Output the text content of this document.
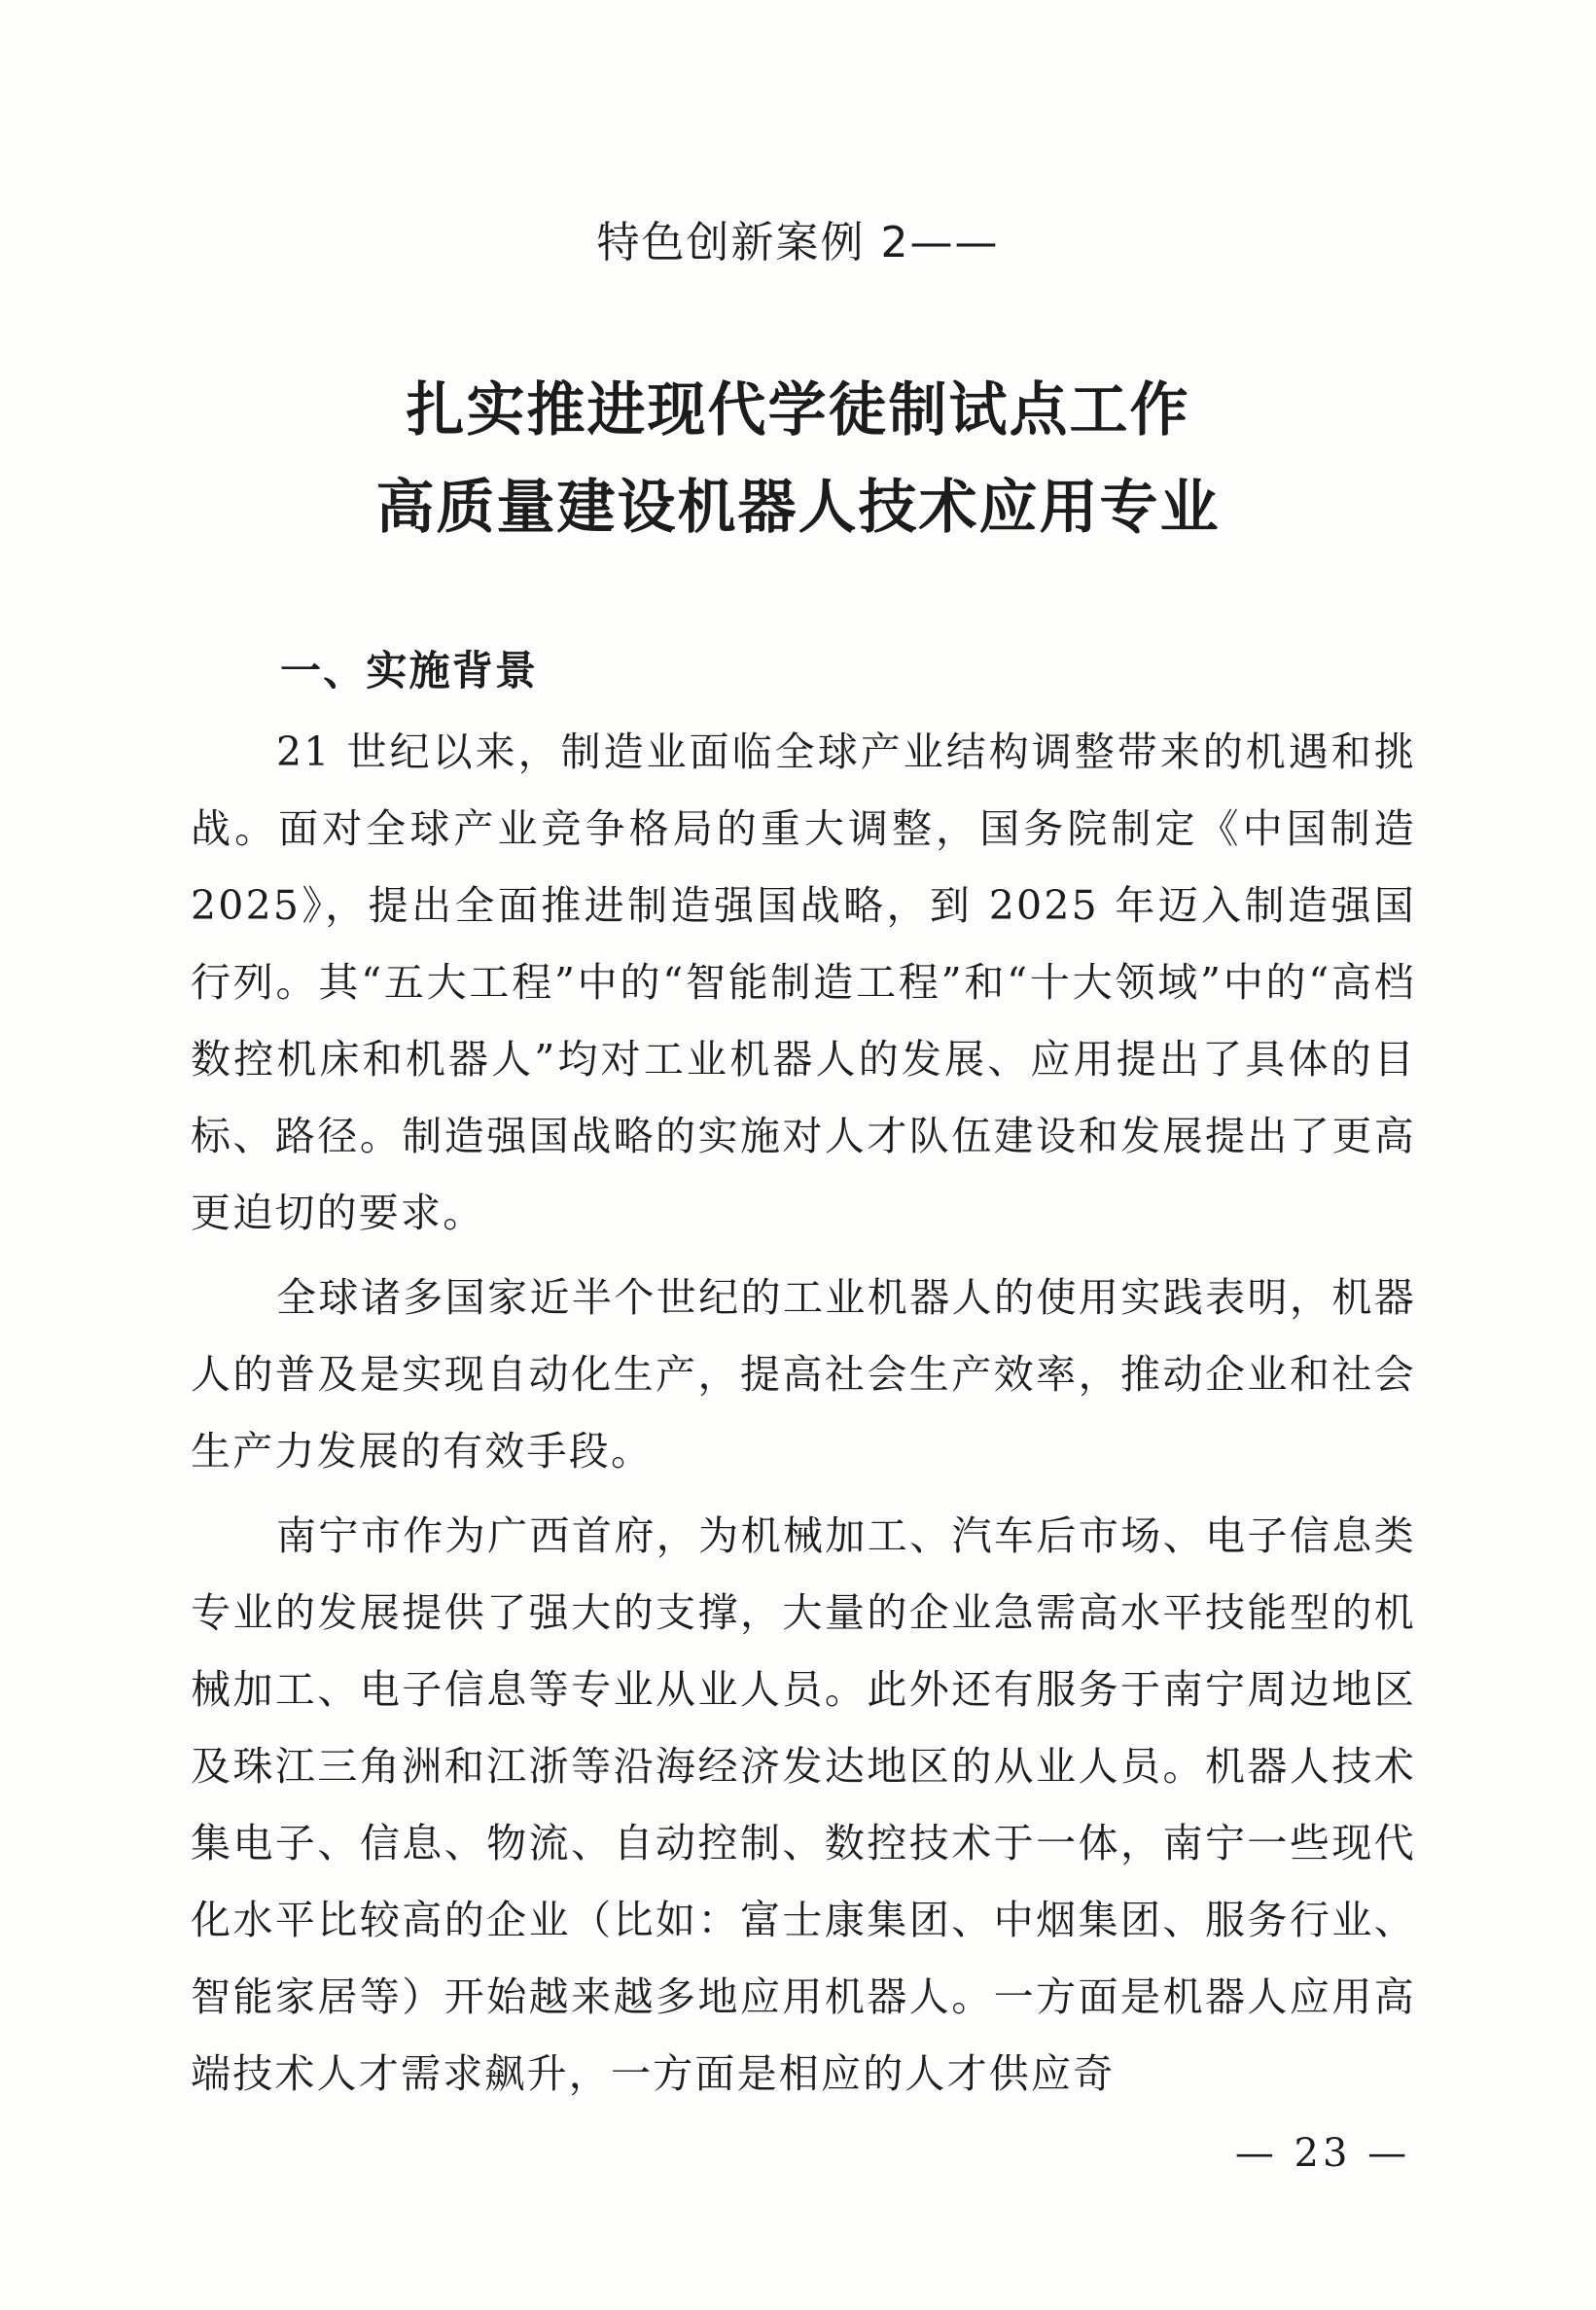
特色创新案例 2——
扎实推进现代学徒制试点工作
高质量建设机器人技术应用专业
一、实施背景

21 世纪以来，制造业面临全球产业结构调整带来的机遇和挑战。面对全球产业竞争格局的重大调整，国务院制定《中国制造 2025》，提出全面推进制造强国战略，到 2025 年迈入制造强国行列。其“五大工程”中的“智能制造工程”和“十大领域”中的“高档数控机床和机器人”均对工业机器人的发展、应用提出了具体的目标、路径。制造强国战略的实施对人才队伍建设和发展提出了更高更迫切的要求。

全球诸多国家近半个世纪的工业机器人的使用实践表明，机器人的普及是实现自动化生产，提高社会生产效率，推动企业和社会生产力发展的有效手段。

南宁市作为广西首府，为机械加工、汽车后市场、电子信息类专业的发展提供了强大的支撑，大量的企业急需高水平技能型的机械加工、电子信息等专业从业人员。此外还有服务于南宁周边地区及珠江三角洲和江浙等沿海经济发达地区的从业人员。机器人技术集电子、信息、物流、自动控制、数控技术于一体，南宁一些现代化水平比较高的企业（比如：富士康集团、中烟集团、服务行业、智能家居等）开始越来越多地应用机器人。一方面是机器人应用高端技术人才需求飙升，一方面是相应的人才供应奇

— 23 —
